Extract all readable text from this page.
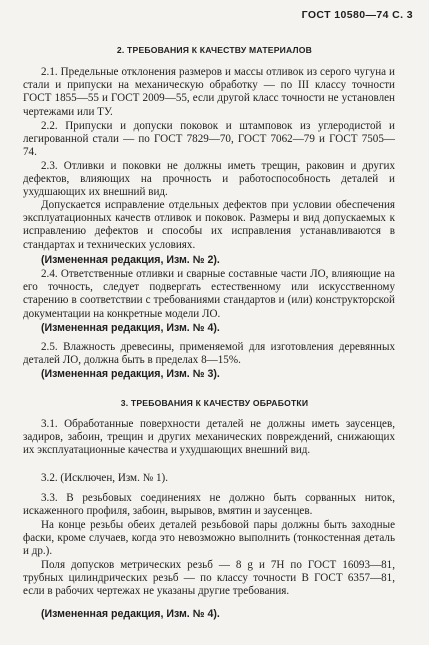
ГОСТ 10580—74 С. 3
2. ТРЕБОВАНИЯ К КАЧЕСТВУ МАТЕРИАЛОВ
2.1. Предельные отклонения размеров и массы отливок из серого чугуна и стали и припуски на механическую обработку — по III классу точности ГОСТ 1855—55 и ГОСТ 2009—55, если другой класс точности не установлен чертежами или ТУ.
2.2. Припуски и допуски поковок и штамповок из углеродистой и легированной стали — по ГОСТ 7829—70, ГОСТ 7062—79 и ГОСТ 7505—74.
2.3. Отливки и поковки не должны иметь трещин, раковин и других дефектов, влияющих на прочность и работоспособность деталей и ухудшающих их внешний вид.
Допускается исправление отдельных дефектов при условии обеспечения эксплуатационных качеств отливок и поковок. Размеры и вид допускаемых к исправлению дефектов и способы их исправления устанавливаются в стандартах и технических условиях.
(Измененная редакция, Изм. № 2).
2.4. Ответственные отливки и сварные составные части ЛО, влияющие на его точность, следует подвергать естественному или искусственному старению в соответствии с требованиями стандартов и (или) конструкторской документации на конкретные модели ЛО.
(Измененная редакция, Изм. № 4).
2.5. Влажность древесины, применяемой для изготовления деревянных деталей ЛО, должна быть в пределах 8—15%.
(Измененная редакция, Изм. № 3).
3. ТРЕБОВАНИЯ К КАЧЕСТВУ ОБРАБОТКИ
3.1. Обработанные поверхности деталей не должны иметь заусенцев, задиров, забоин, трещин и других механических повреждений, снижающих их эксплуатационные качества и ухудшающих внешний вид.
3.2. (Исключен, Изм. № 1).
3.3. В резьбовых соединениях не должно быть сорванных ниток, искаженного профиля, забоин, вырывов, вмятин и заусенцев.
На конце резьбы обеих деталей резьбовой пары должны быть заходные фаски, кроме случаев, когда это невозможно выполнить (тонкостенная деталь и др.).
Поля допусков метрических резьб — 8 g и 7H по ГОСТ 16093—81, трубных цилиндрических резьб — по классу точности В ГОСТ 6357—81, если в рабочих чертежах не указаны другие требования.
(Измененная редакция, Изм. № 4).
